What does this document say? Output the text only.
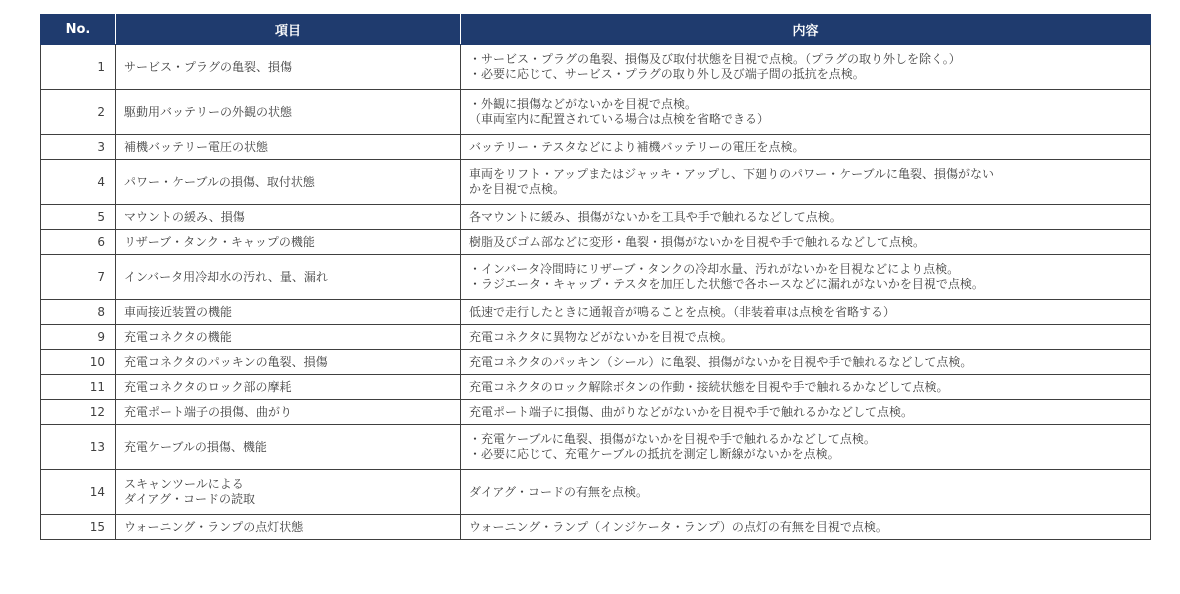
No.	項目	内容
1	サービス・プラグの亀裂、損傷	・サービス・プラグの亀裂、損傷及び取付状態を目視で点検。（プラグの取り外しを除く。）
・必要に応じて、サービス・プラグの取り外し及び端子間の抵抗を点検。
2	駆動用バッテリーの外観の状態	・外観に損傷などがないかを目視で点検。
（車両室内に配置されている場合は点検を省略できる）
3	補機バッテリー電圧の状態	バッテリー・テスタなどにより補機バッテリーの電圧を点検。
4	パワー・ケーブルの損傷、取付状態	車両をリフト・アップまたはジャッキ・アップし、下廻りのパワー・ケーブルに亀裂、損傷がない
かを目視で点検。
5	マウントの緩み、損傷	各マウントに緩み、損傷がないかを工具や手で触れるなどして点検。
6	リザーブ・タンク・キャップの機能	樹脂及びゴム部などに変形・亀裂・損傷がないかを目視や手で触れるなどして点検。
7	インバータ用冷却水の汚れ、量、漏れ	・インバータ冷間時にリザーブ・タンクの冷却水量、汚れがないかを目視などにより点検。
・ラジエータ・キャップ・テスタを加圧した状態で各ホースなどに漏れがないかを目視で点検。
8	車両接近装置の機能	低速で走行したときに通報音が鳴ることを点検。（非装着車は点検を省略する）
9	充電コネクタの機能	充電コネクタに異物などがないかを目視で点検。
10	充電コネクタのパッキンの亀裂、損傷	充電コネクタのパッキン（シール）に亀裂、損傷がないかを目視や手で触れるなどして点検。
11	充電コネクタのロック部の摩耗	充電コネクタのロック解除ボタンの作動・接続状態を目視や手で触れるかなどして点検。
12	充電ポート端子の損傷、曲がり	充電ポート端子に損傷、曲がりなどがないかを目視や手で触れるかなどして点検。
13	充電ケーブルの損傷、機能	・充電ケーブルに亀裂、損傷がないかを目視や手で触れるかなどして点検。
・必要に応じて、充電ケーブルの抵抗を測定し断線がないかを点検。
14	スキャンツールによる
ダイアグ・コードの読取	ダイアグ・コードの有無を点検。
15	ウォーニング・ランプの点灯状態	ウォーニング・ランプ（インジケータ・ランプ）の点灯の有無を目視で点検。
